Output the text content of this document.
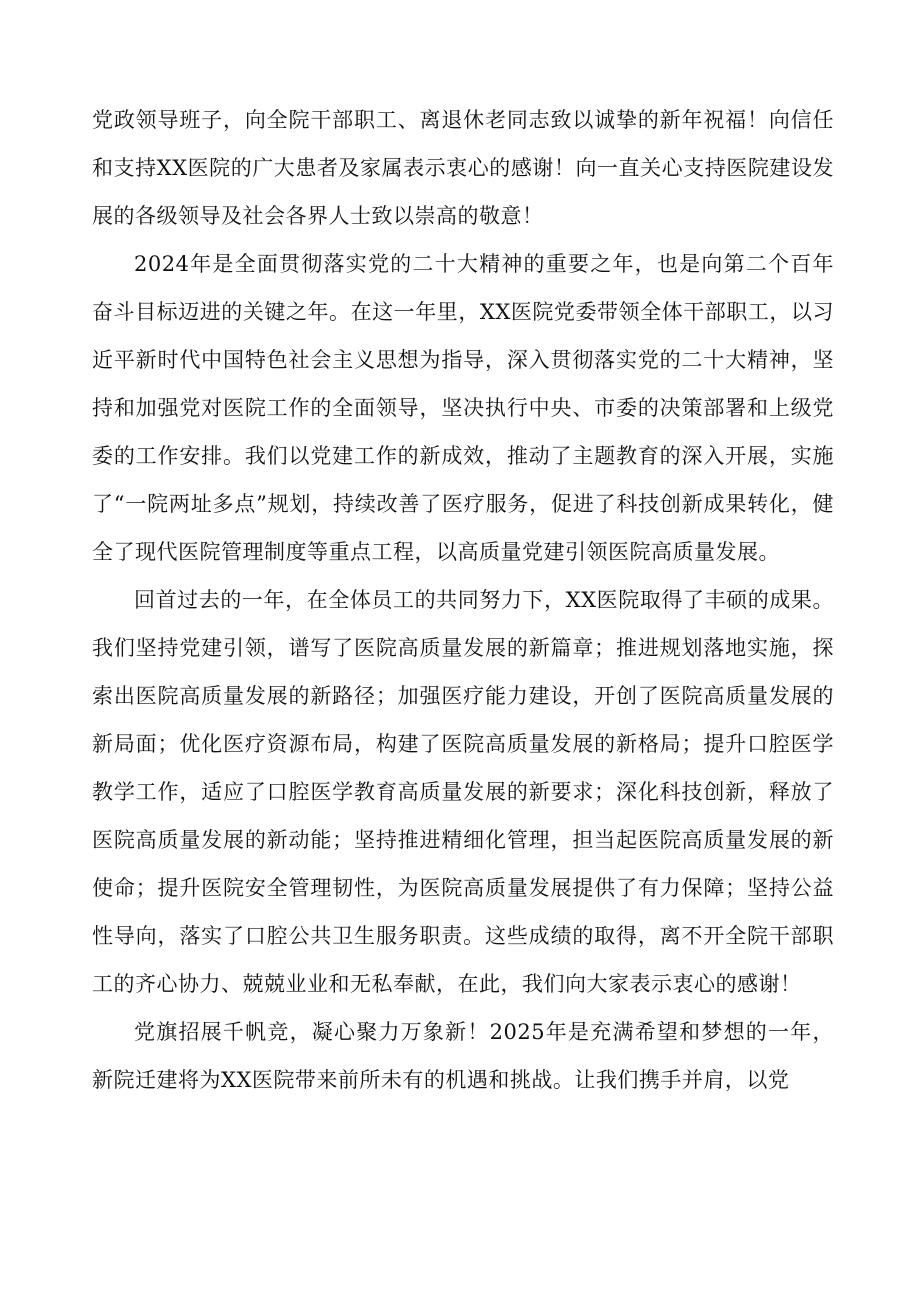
党政领导班子，向全院干部职工、离退休老同志致以诚挚的新年祝福！向信任和支持XX医院的广大患者及家属表示衷心的感谢！向一直关心支持医院建设发展的各级领导及社会各界人士致以崇高的敬意！

2024年是全面贯彻落实党的二十大精神的重要之年，也是向第二个百年奋斗目标迈进的关键之年。在这一年里，XX医院党委带领全体干部职工，以习近平新时代中国特色社会主义思想为指导，深入贯彻落实党的二十大精神，坚持和加强党对医院工作的全面领导，坚决执行中央、市委的决策部署和上级党委的工作安排。我们以党建工作的新成效，推动了主题教育的深入开展，实施了“一院两址多点”规划，持续改善了医疗服务，促进了科技创新成果转化，健全了现代医院管理制度等重点工程，以高质量党建引领医院高质量发展。

回首过去的一年，在全体员工的共同努力下，XX医院取得了丰硕的成果。我们坚持党建引领，谱写了医院高质量发展的新篇章；推进规划落地实施，探索出医院高质量发展的新路径；加强医疗能力建设，开创了医院高质量发展的新局面；优化医疗资源布局，构建了医院高质量发展的新格局；提升口腔医学教学工作，适应了口腔医学教育高质量发展的新要求；深化科技创新，释放了医院高质量发展的新动能；坚持推进精细化管理，担当起医院高质量发展的新使命；提升医院安全管理韧性，为医院高质量发展提供了有力保障；坚持公益性导向，落实了口腔公共卫生服务职责。这些成绩的取得，离不开全院干部职工的齐心协力、兢兢业业和无私奉献，在此，我们向大家表示衷心的感谢！

党旗招展千帆竞，凝心聚力万象新！2025年是充满希望和梦想的一年，新院迁建将为XX医院带来前所未有的机遇和挑战。让我们携手并肩，以党
